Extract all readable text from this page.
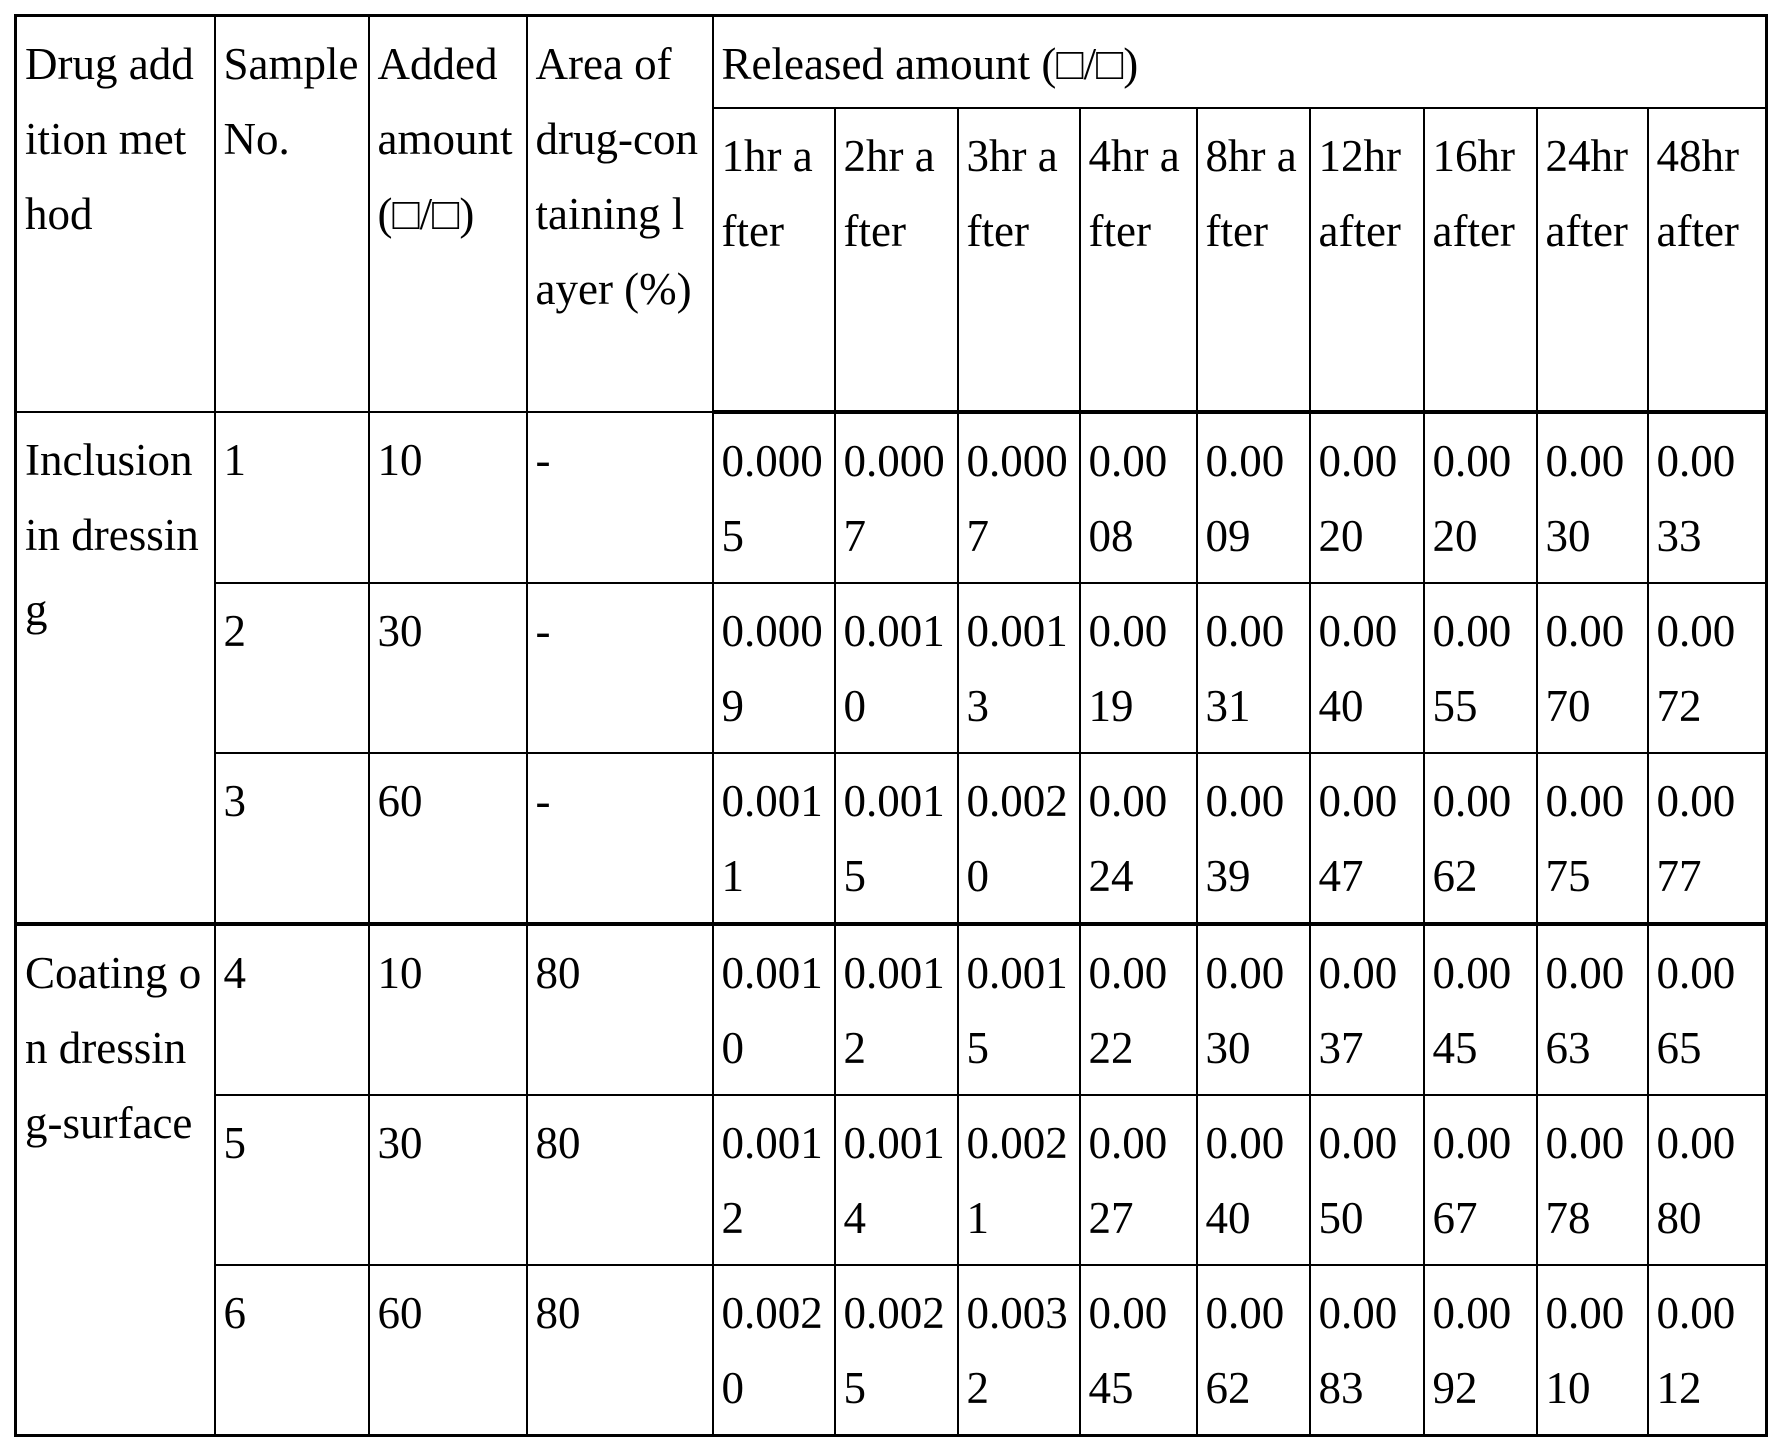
Drug addition method	Sample No.	Added amount (□/□)	Area of drug-containing layer (%)	Released amount (□/□)
1hr after	2hr after	3hr after	4hr after	8hr after	12hr after	16hr after	24hr after	48hr after
Inclusion in dressing	1	10	-	0.0005	0.0007	0.0007	0.0008	0.0009	0.0020	0.0020	0.0030	0.0033
2	30	-	0.0009	0.0010	0.0013	0.0019	0.0031	0.0040	0.0055	0.0070	0.0072
3	60	-	0.0011	0.0015	0.0020	0.0024	0.0039	0.0047	0.0062	0.0075	0.0077
Coating on dressing-surface	4	10	80	0.0010	0.0012	0.0015	0.0022	0.0030	0.0037	0.0045	0.0063	0.0065
5	30	80	0.0012	0.0014	0.0021	0.0027	0.0040	0.0050	0.0067	0.0078	0.0080
6	60	80	0.0020	0.0025	0.0032	0.0045	0.0062	0.0083	0.0092	0.0010	0.0012
